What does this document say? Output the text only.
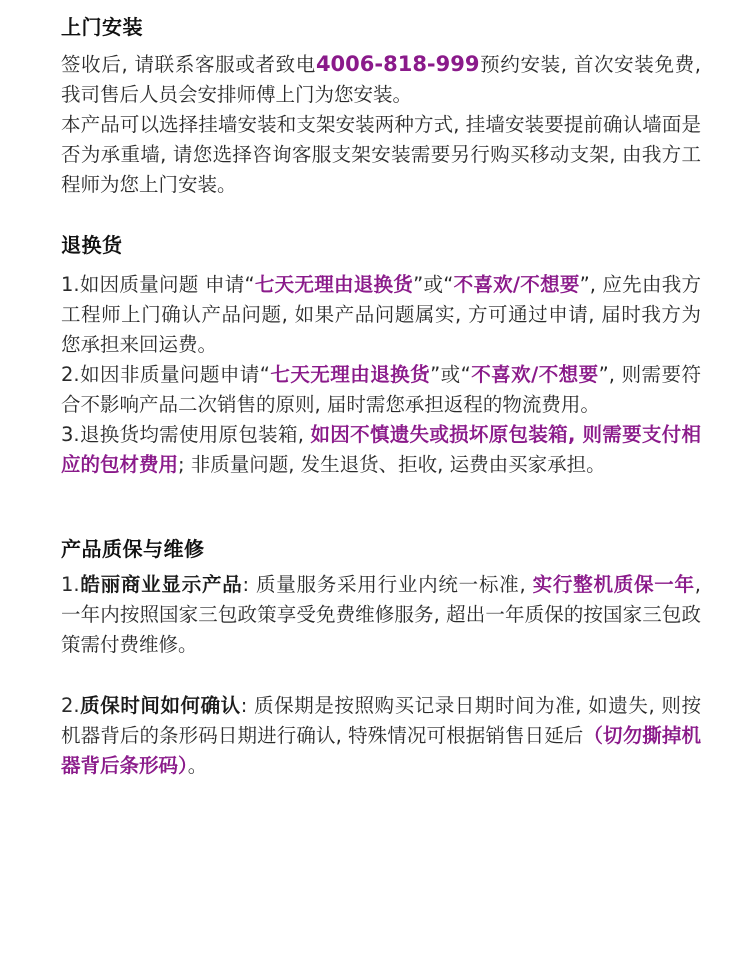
上门安装
签收后, 请联系客服或者致电4006-818-999预约安装, 首次安装免费, 我司售后人员会安排师傅上门为您安装。
本产品可以选择挂墙安装和支架安装两种方式, 挂墙安装要提前确认墙面是否为承重墙, 请您选择咨询客服支架安装需要另行购买移动支架, 由我方工程师为您上门安装。
退换货
1.如因质量问题 申请“七天无理由退换货”或“不喜欢/不想要”, 应先由我方工程师上门确认产品问题, 如果产品问题属实, 方可通过申请, 届时我方为您承担来回运费。
2.如因非质量问题申请“七天无理由退换货”或“不喜欢/不想要”, 则需要符合不影响产品二次销售的原则, 届时需您承担返程的物流费用。
3.退换货均需使用原包装箱, 如因不慎遗失或损坏原包装箱, 则需要支付相应的包材费用; 非质量问题, 发生退货、拒收, 运费由买家承担。
产品质保与维修
1.皓丽商业显示产品: 质量服务采用行业内统一标准, 实行整机质保一年, 一年内按照国家三包政策享受免费维修服务, 超出一年质保的按国家三包政策需付费维修。
2.质保时间如何确认: 质保期是按照购买记录日期时间为准, 如遗失, 则按机器背后的条形码日期进行确认, 特殊情况可根据销售日延后（切勿撕掉机器背后条形码）。
